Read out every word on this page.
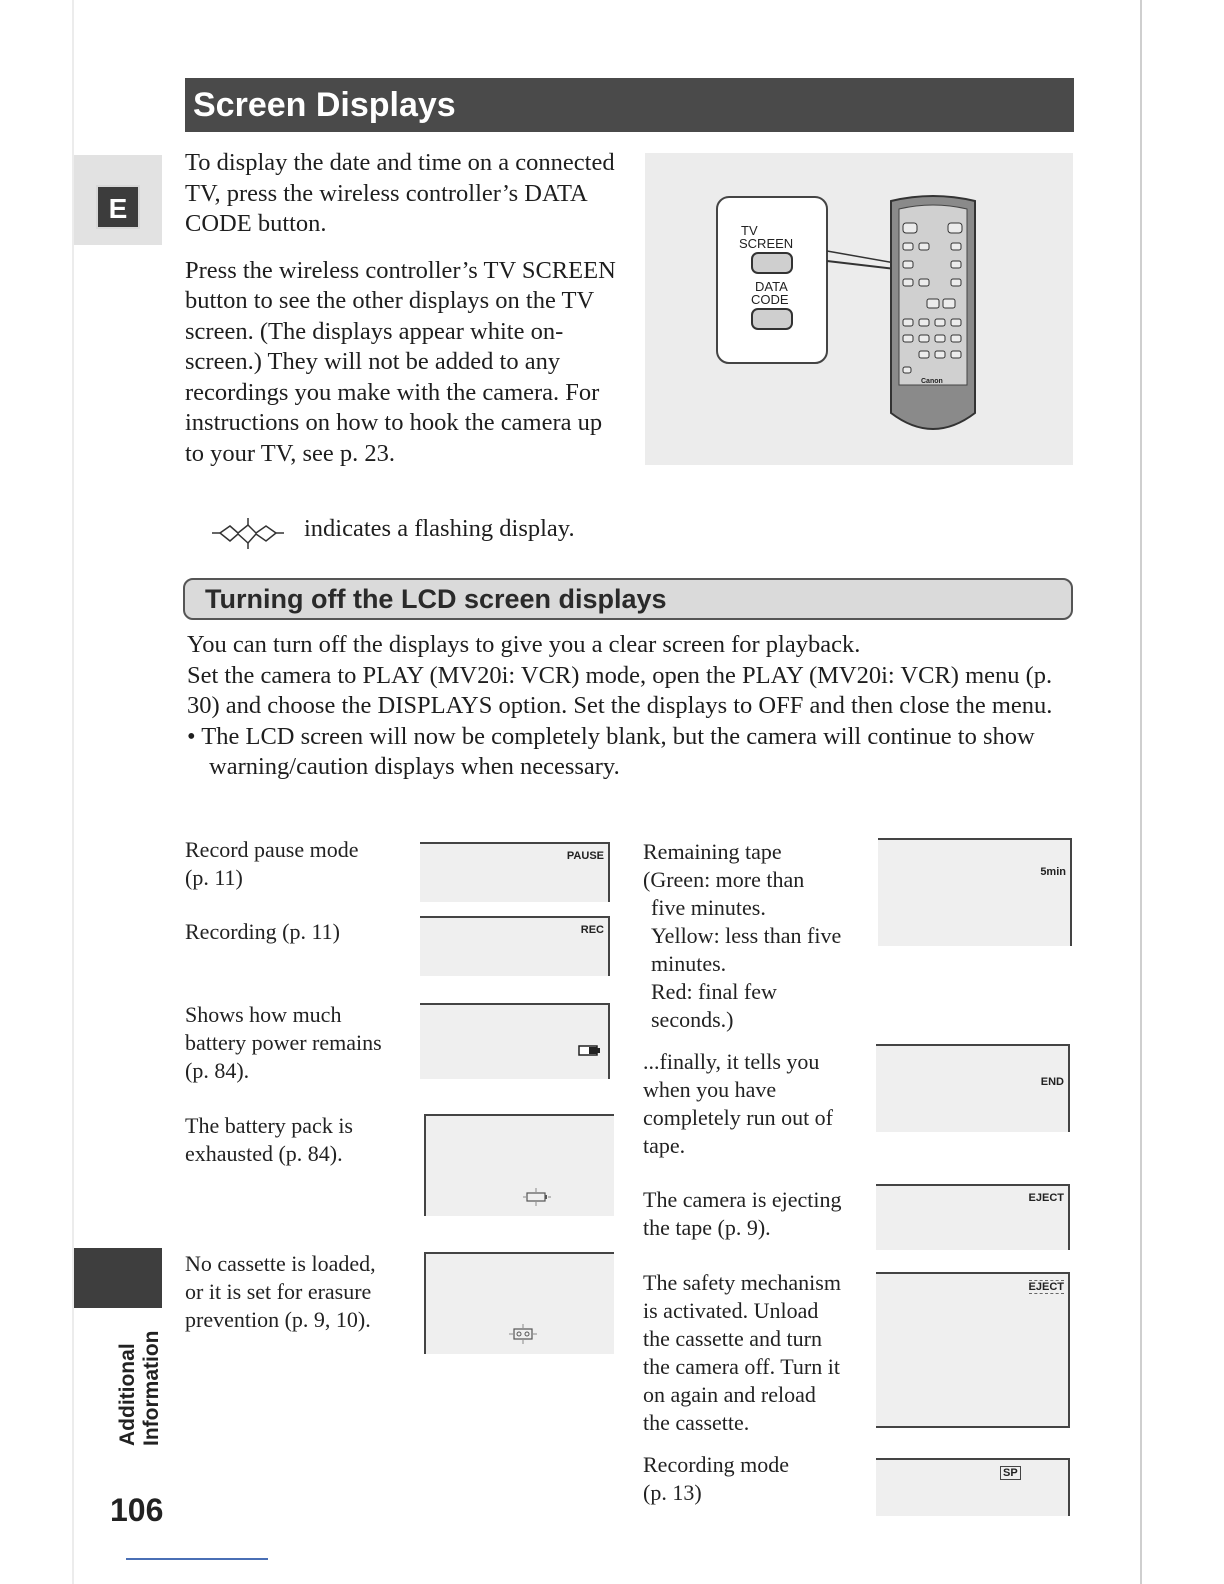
Screen Displays
E

To display the date and time on a connected TV, press the wireless controller’s DATA CODE button.

Press the wireless controller’s TV SCREEN button to see the other displays on the TV screen. (The displays appear white on-screen.) They will not be added to any recordings you make with the camera. For instructions on how to hook the camera up to your TV, see p. 23.

indicates a flashing display.
TV
SCREEN
DATA
CODE
Canon
Turning off the LCD screen displays

You can turn off the displays to give you a clear screen for playback.

Set the camera to PLAY (MV20i: VCR) mode, open the PLAY (MV20i: VCR) menu (p. 30) and choose the DISPLAYS option. Set the displays to OFF and then close the menu.

• The LCD screen will now be completely blank, but the camera will continue to show warning/caution displays when necessary.

Record pause mode
(p. 11)
PAUSE
Recording (p. 11)	REC
Shows how much
battery power remains
(p. 84).
The battery pack is
exhausted (p. 84).
No cassette is loaded,
or it is set for erasure
prevention (p. 9, 10).
Remaining tape
(Green: more than
five minutes.
Yellow: less than five
minutes.
Red: final few
seconds.)
5min
...finally, it tells you
when you have
completely run out of
tape.
END
The camera is ejecting
the tape (p. 9).
EJECT
The safety mechanism
is activated. Unload
the cassette and turn
the camera off. Turn it
on again and reload
the cassette.
EJECT
Recording mode
(p. 13)
SP
Additional Information
106
